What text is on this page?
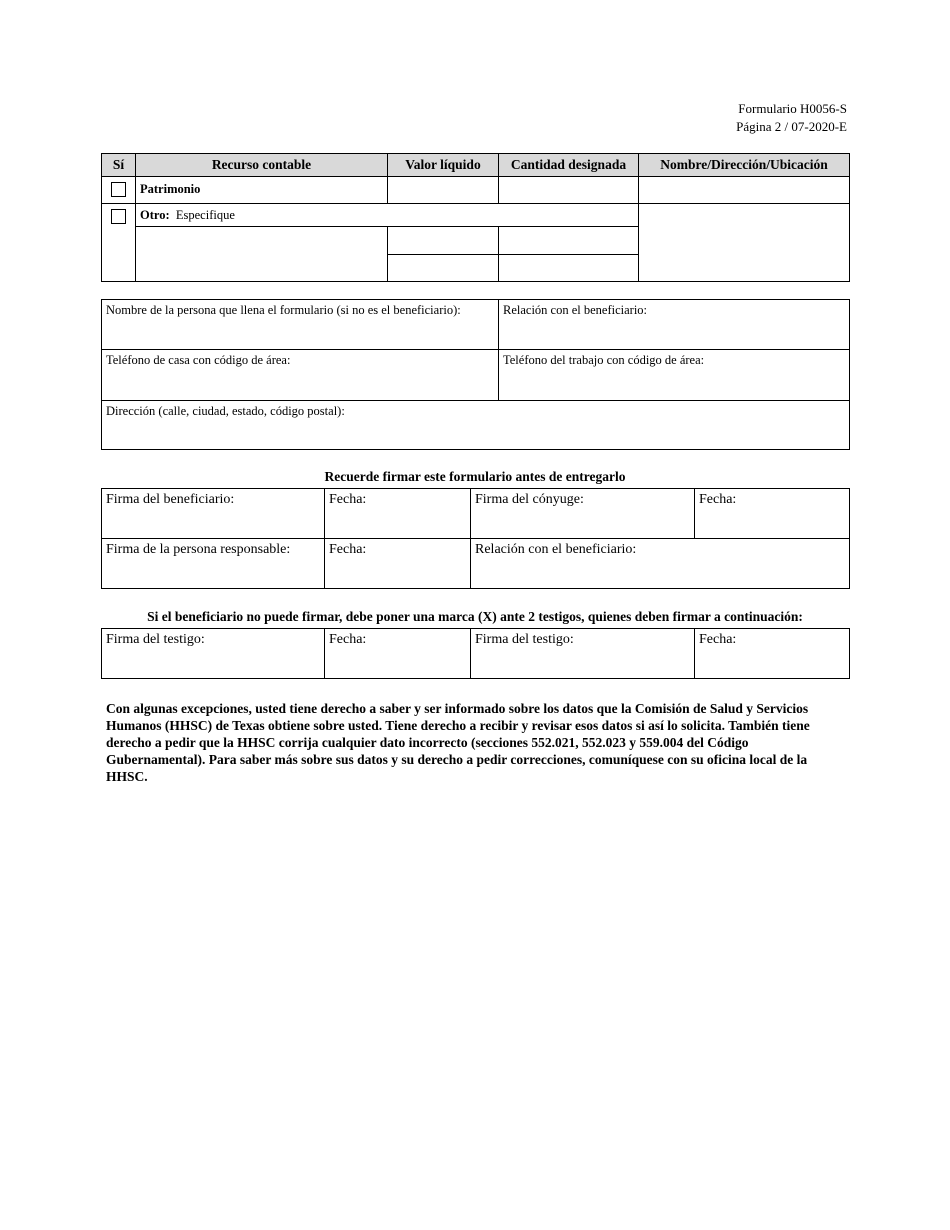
Formulario H0056-S
Página 2 / 07-2020-E
Sí	Recurso contable	Valor líquido	Cantidad designada	Nombre/Dirección/Ubicación
	Patrimonio			
	Otro: Especifique			

Nombre de la persona que llena el formulario (si no es el beneficiario):	Relación con el beneficiario:
Teléfono de casa con código de área:	Teléfono del trabajo con código de área:
Dirección (calle, ciudad, estado, código postal):	
Recuerde firmar este formulario antes de entregarlo
Firma del beneficiario:	Fecha:	Firma del cónyuge:	Fecha:
Firma de la persona responsable:	Fecha:	Relación con el beneficiario:	
Si el beneficiario no puede firmar, debe poner una marca (X) ante 2 testigos, quienes deben firmar a continuación:
Firma del testigo:	Fecha:	Firma del testigo:	Fecha:
Con algunas excepciones, usted tiene derecho a saber y ser informado sobre los datos que la Comisión de Salud y Servicios Humanos (HHSC) de Texas obtiene sobre usted. Tiene derecho a recibir y revisar esos datos si así lo solicita. También tiene derecho a pedir que la HHSC corrija cualquier dato incorrecto (secciones 552.021, 552.023 y 559.004 del Código Gubernamental). Para saber más sobre sus datos y su derecho a pedir correcciones, comuníquese con su oficina local de la HHSC.
